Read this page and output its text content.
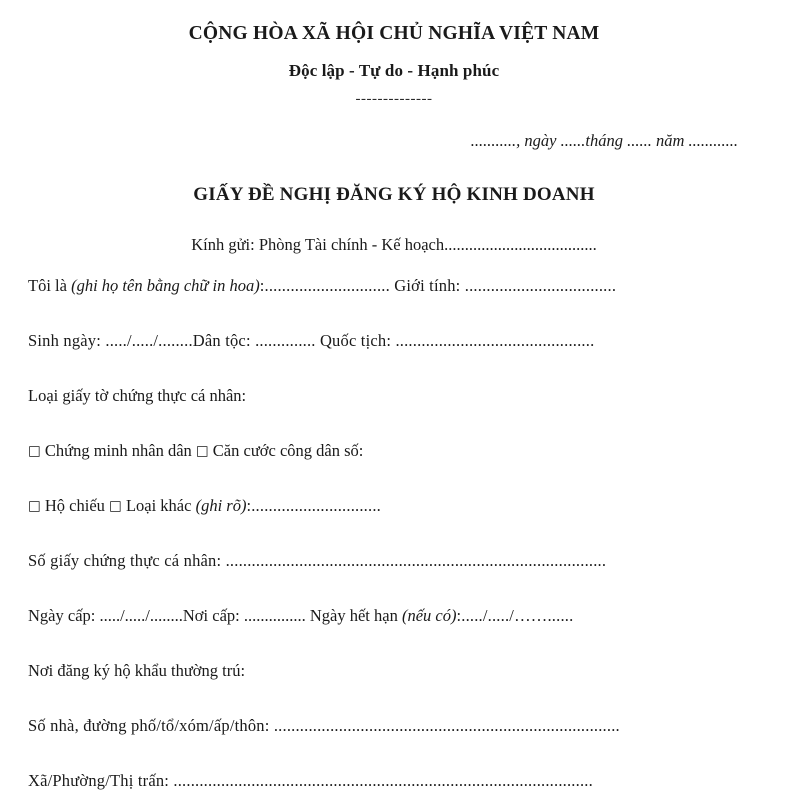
CỘNG HÒA XÃ HỘI CHỦ NGHĨA VIỆT NAM
Độc lập - Tự do - Hạnh phúc
--------------
..........., ngày ......tháng ...... năm ............
GIẤY ĐỀ NGHỊ ĐĂNG KÝ HỘ KINH DOANH
Kính gửi: Phòng Tài chính - Kế hoạch.....................................

Tôi là (ghi họ tên bằng chữ in hoa):............................. Giới tính: ...................................

Sinh ngày: ...../...../........Dân tộc: .............. Quốc tịch: ..............................................

Loại giấy tờ chứng thực cá nhân:

□ Chứng minh nhân dân □ Căn cước công dân số:

□ Hộ chiếu □ Loại khác (ghi rõ):..............................

Số giấy chứng thực cá nhân: ........................................................................................

Ngày cấp: ...../...../........Nơi cấp: ............... Ngày hết hạn (nếu có):...../...../……......

Nơi đăng ký hộ khẩu thường trú:

Số nhà, đường phố/tổ/xóm/ấp/thôn: ................................................................................

Xã/Phường/Thị trấn: .................................................................................................
